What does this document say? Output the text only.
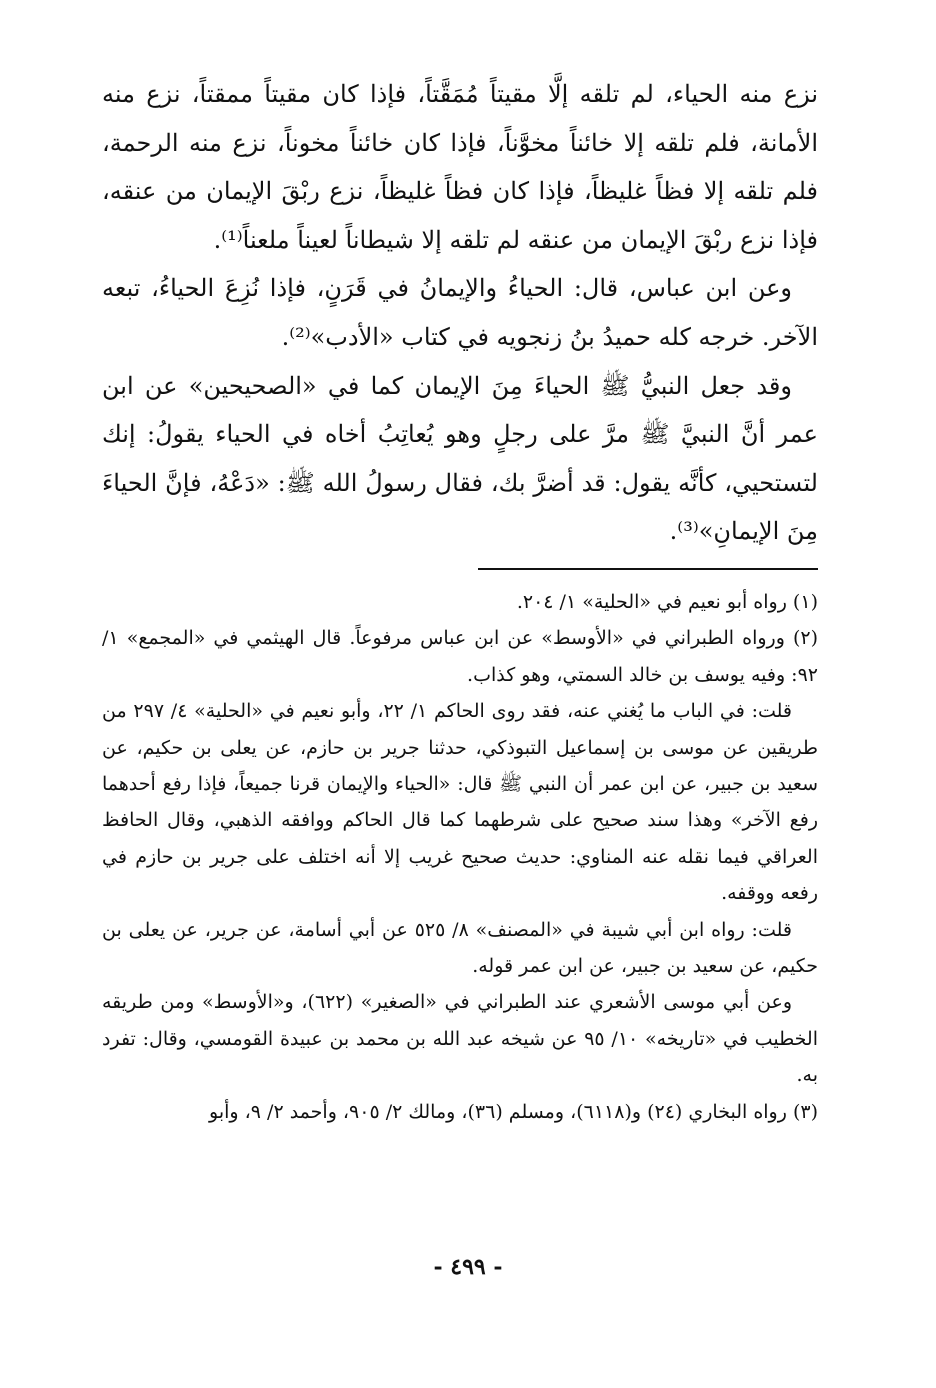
نزع منه الحياء، لم تلقه إلَّا مقيتاً مُمَقَّتاً، فإذا كان مقيتاً ممقتاً، نزع منه الأمانة، فلم تلقه إلا خائناً مخوَّناً، فإذا كان خائناً مخوناً، نزع منه الرحمة، فلم تلقه إلا فظاً غليظاً، فإذا كان فظاً غليظاً، نزع ربْقَ الإيمان من عنقه، فإذا نزع ربْقَ الإيمان من عنقه لم تلقه إلا شيطاناً لعيناً ملعناً⁽¹⁾.

وعن ابن عباس، قال: الحياءُ والإيمانُ في قَرَنٍ، فإذا نُزِعَ الحياءُ، تبعه الآخر. خرجه كله حميدُ بنُ زنجويه في كتاب «الأدب»⁽²⁾.

وقد جعل النبيُّ ﷺ الحياءَ مِنَ الإيمان كما في «الصحيحين» عن ابن عمر أنَّ النبيَّ ﷺ مرَّ على رجلٍ وهو يُعاتِبُ أخاه في الحياء يقولُ: إنك لتستحيي، كأنَّه يقول: قد أضرَّ بك، فقال رسولُ الله ﷺ: «دَعْهُ، فإنَّ الحياءَ مِنَ الإيمانِ»⁽³⁾.

(١) رواه أبو نعيم في «الحلية» ١/ ٢٠٤.

(٢) ورواه الطبراني في «الأوسط» عن ابن عباس مرفوعاً. قال الهيثمي في «المجمع» ١/ ٩٢: وفيه يوسف بن خالد السمتي، وهو كذاب.

قلت: في الباب ما يُغني عنه، فقد روى الحاكم ١/ ٢٢، وأبو نعيم في «الحلية» ٤/ ٢٩٧ من طريقين عن موسى بن إسماعيل التبوذكي، حدثنا جرير بن حازم، عن يعلى بن حكيم، عن سعيد بن جبير، عن ابن عمر أن النبي ﷺ قال: «الحياء والإيمان قرنا جميعاً، فإذا رفع أحدهما رفع الآخر» وهذا سند صحيح على شرطهما كما قال الحاكم ووافقه الذهبي، وقال الحافظ العراقي فيما نقله عنه المناوي: حديث صحيح غريب إلا أنه اختلف على جرير بن حازم في رفعه ووقفه.

قلت: رواه ابن أبي شيبة في «المصنف» ٨/ ٥٢٥ عن أبي أسامة، عن جرير، عن يعلى بن حكيم، عن سعيد بن جبير، عن ابن عمر قوله.

وعن أبي موسى الأشعري عند الطبراني في «الصغير» (٦٢٢)، و«الأوسط» ومن طريقه الخطيب في «تاريخه» ١٠/ ٩٥ عن شيخه عبد الله بن محمد بن عبيدة القومسي، وقال: تفرد به.

(٣) رواه البخاري (٢٤) و(٦١١٨)، ومسلم (٣٦)، ومالك ٢/ ٩٠٥، وأحمد ٢/ ٩، وأبو

- ٤٩٩ -
